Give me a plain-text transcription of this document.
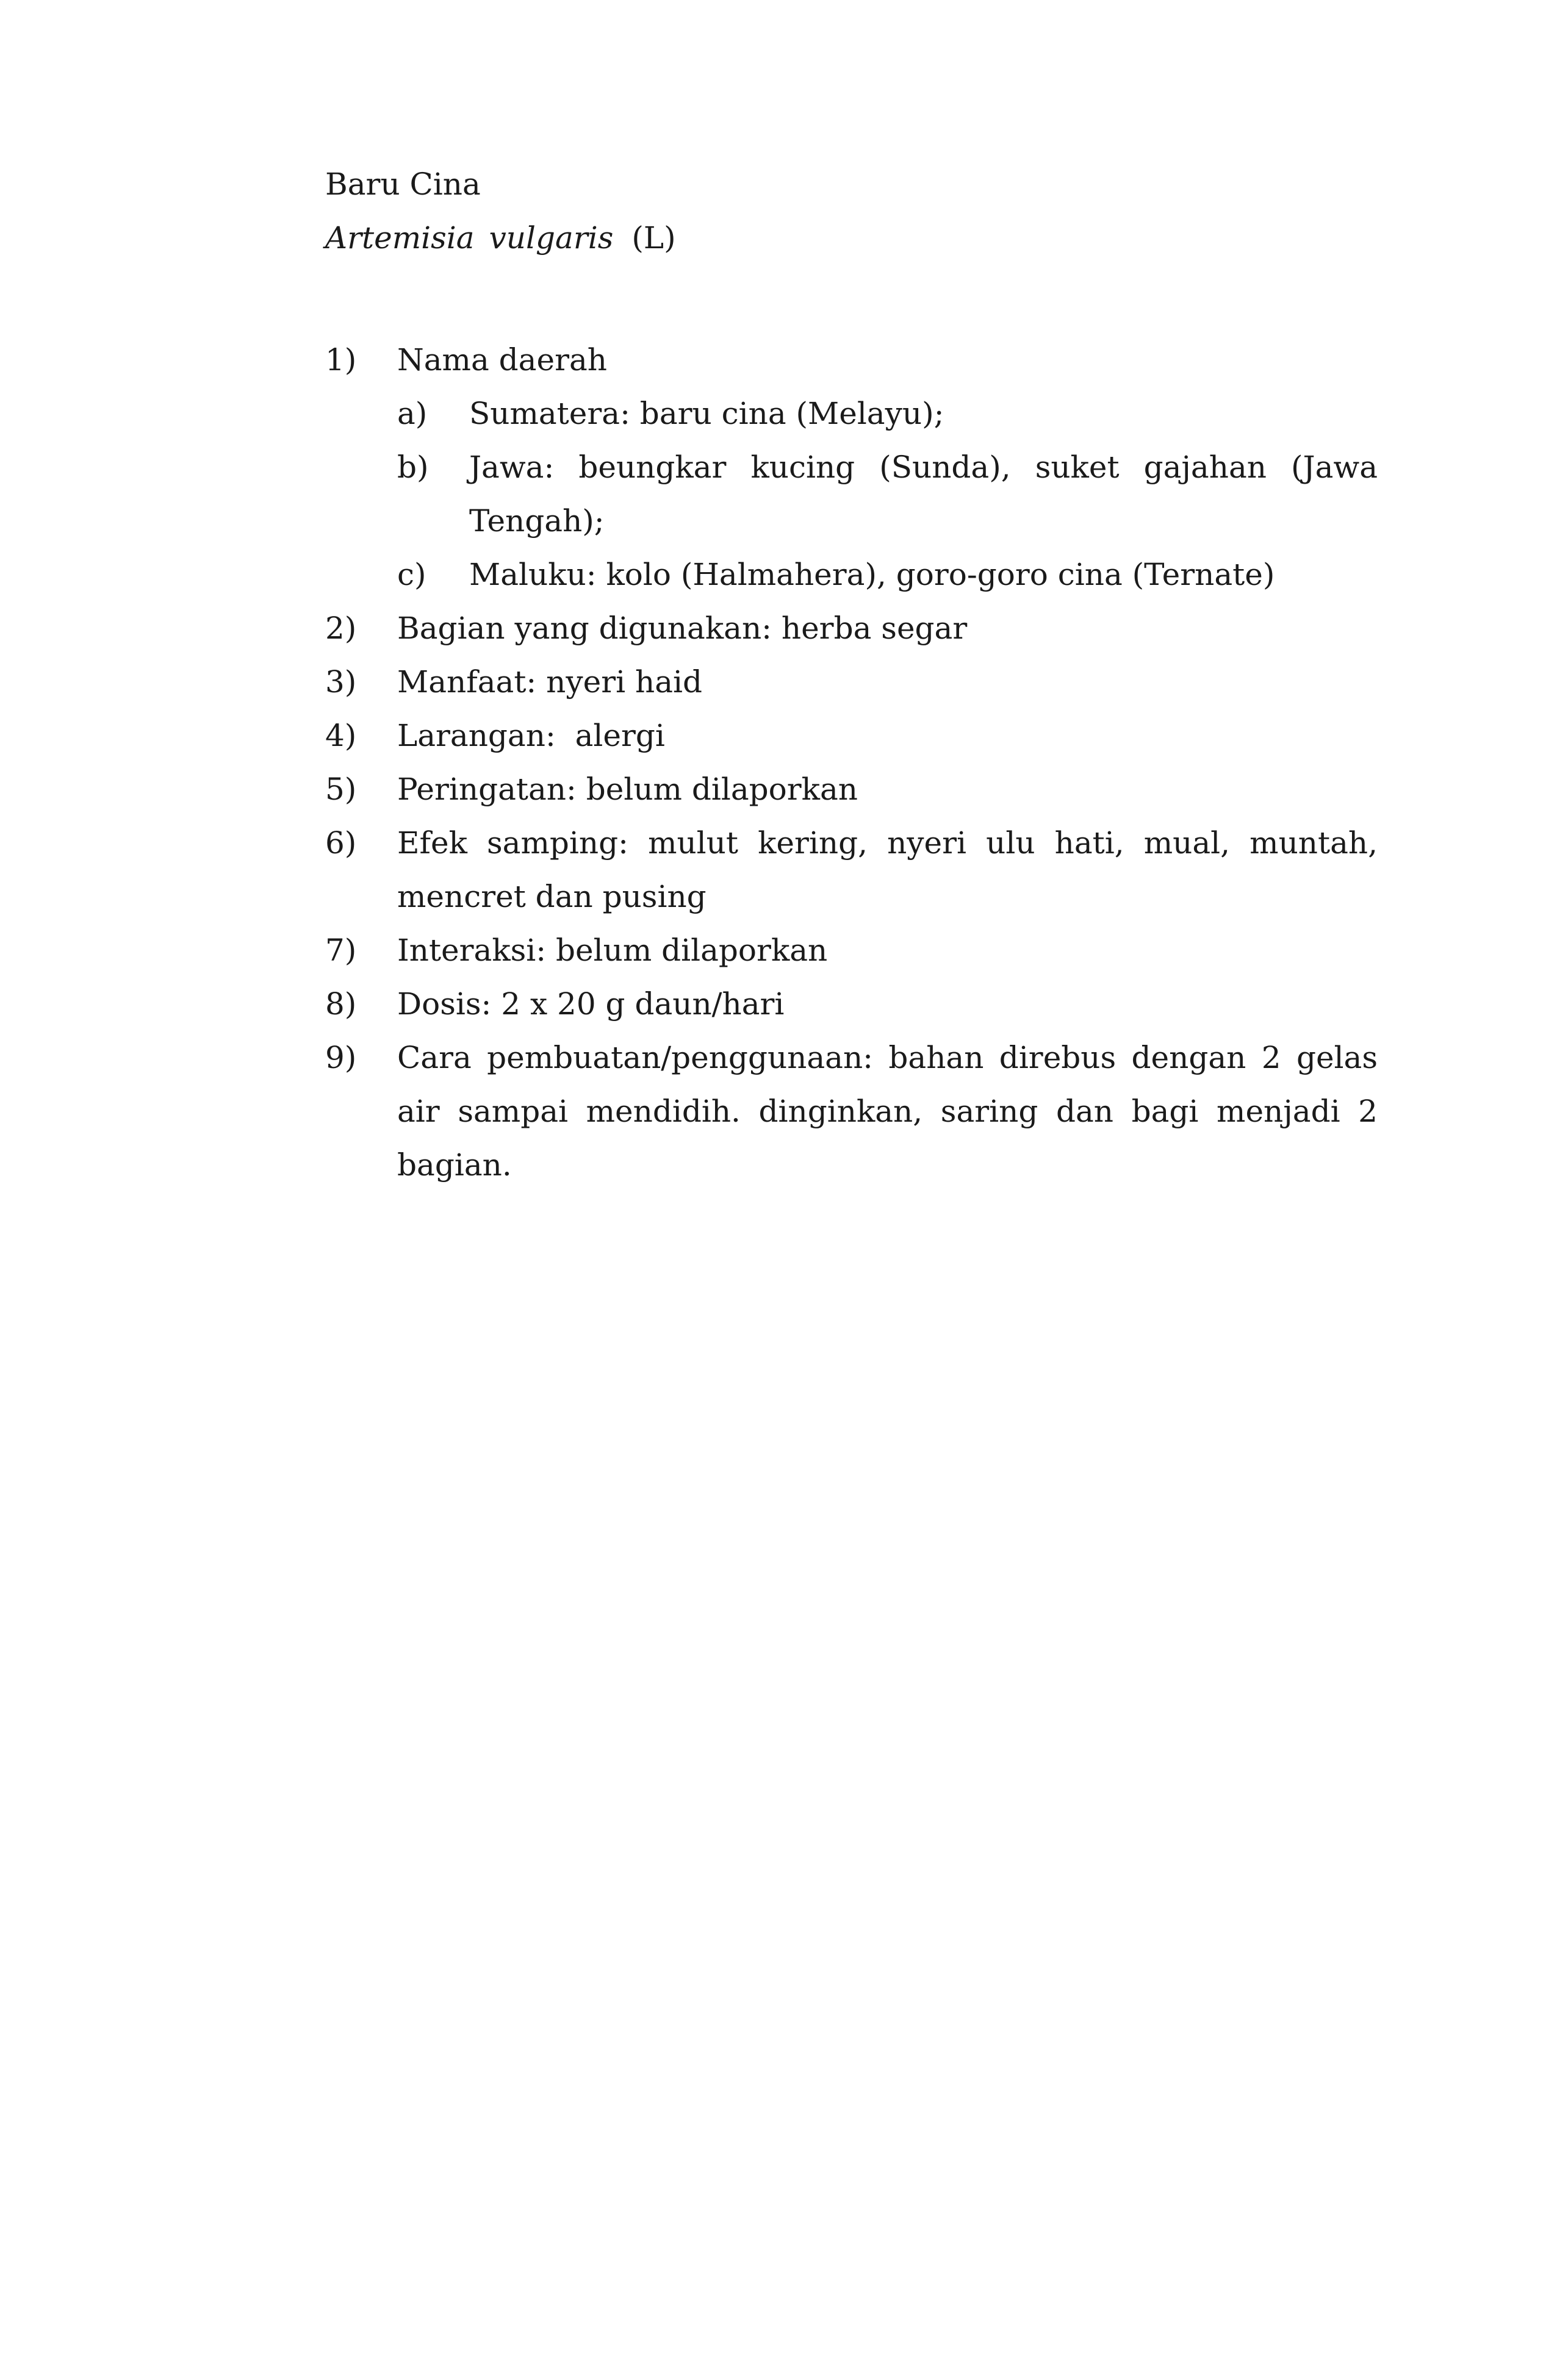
Baru Cina

Artemisia vulgaris (L)

1) Nama daerah
a) Sumatera: baru cina (Melayu);
b) Jawa: beungkar kucing (Sunda), suket gajahan (Jawa Tengah);
c) Maluku: kolo (Halmahera), goro-goro cina (Ternate)
2) Bagian yang digunakan: herba segar
3) Manfaat: nyeri haid
4) Larangan:  alergi
5) Peringatan: belum dilaporkan
6) Efek samping: mulut kering, nyeri ulu hati, mual, muntah, mencret dan pusing
7) Interaksi: belum dilaporkan
8) Dosis: 2 x 20 g daun/hari
9) Cara pembuatan/penggunaan: bahan direbus dengan 2 gelas air sampai mendidih. dinginkan, saring dan bagi menjadi 2 bagian.
